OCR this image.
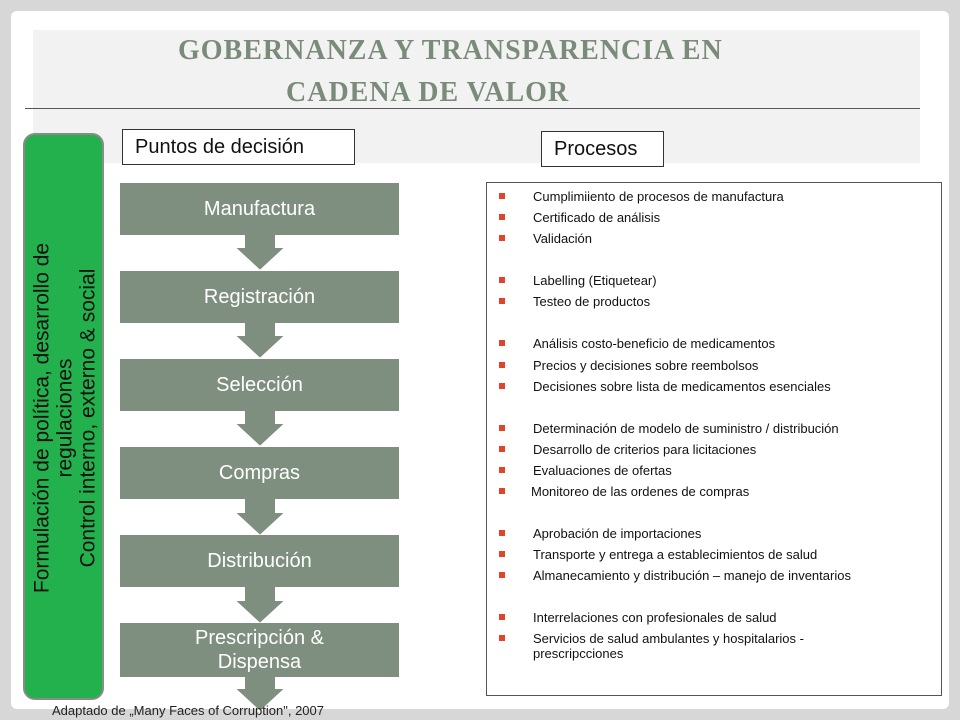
GOBERNANZA Y TRANSPARENCIA EN
CADENA DE VALOR
Formulación de política, desarrollo de regulaciones Control interno, externo & social
Puntos de decisión	Procesos
Manufactura
Registración
Selección
Compras
Distribución
Prescripción &
Dispensa
Cumplimiiento de procesos de manufactura
Certificado de análisis
Validación
Labelling (Etiquetear)
Testeo de productos
Análisis costo-beneficio de medicamentos
Precios y decisiones sobre reembolsos
Decisiones sobre lista de medicamentos esenciales
Determinación de modelo de suministro / distribución
Desarrollo de criterios para licitaciones
Evaluaciones de ofertas
Monitoreo de las ordenes de compras
Aprobación de importaciones
Transporte y entrega a establecimientos de salud
Almanecamiento y distribución – manejo de inventarios
Interrelaciones con profesionales de salud
Servicios de salud ambulantes y hospitalarios - prescripcciones
Adaptado de „Many Faces of Corruption", 2007
